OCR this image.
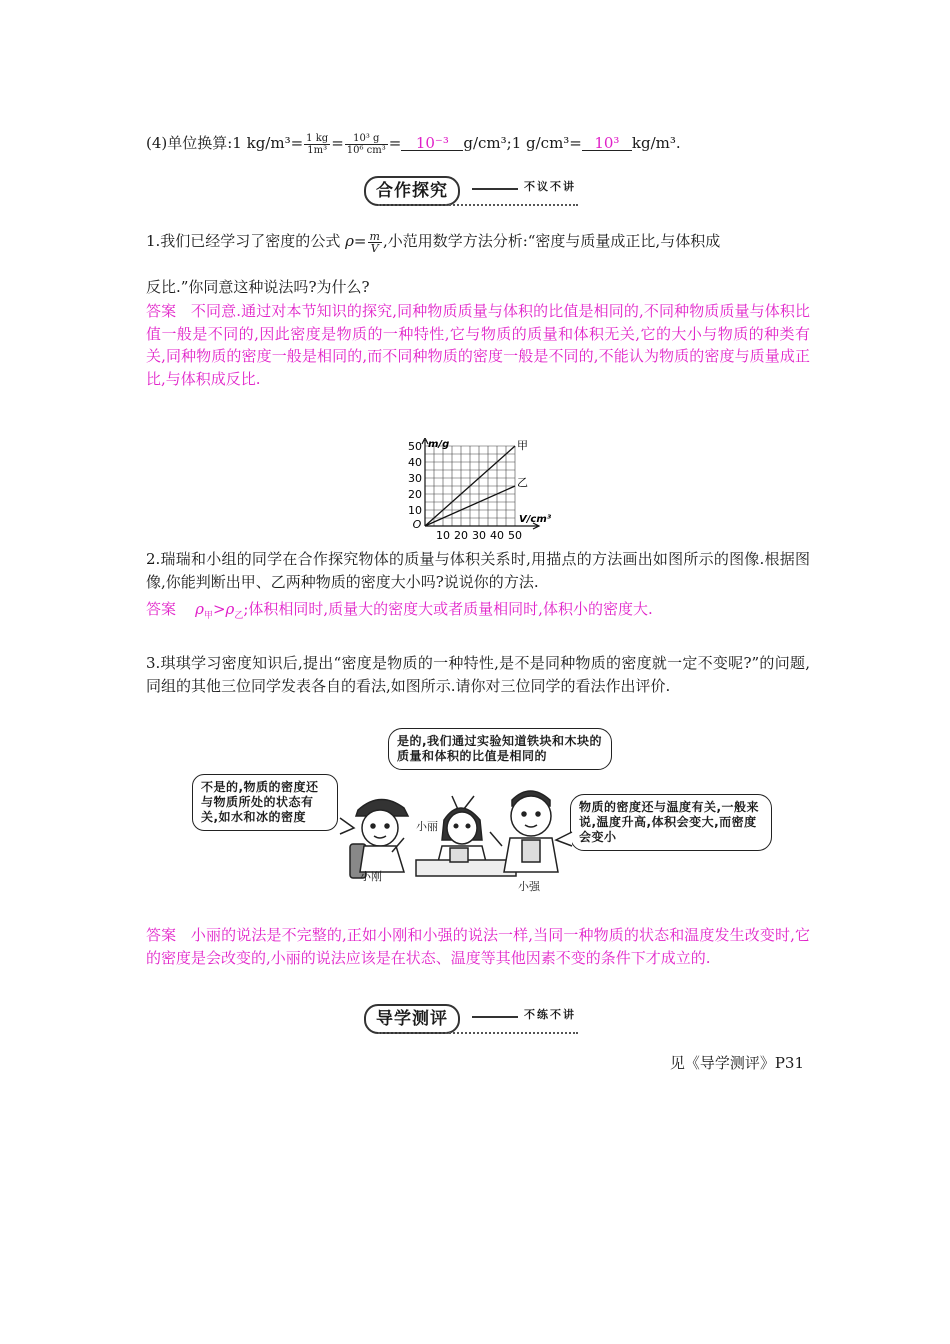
(4)单位换算:1 $kg/m^3= \frac{1 kg}{\text{1m³}} = \frac{\text{10³ g}}{\text{10⁶ cm³}} = 10^{-3}$ g/cm³;1 g/cm³= 10³ kg/m³.
合作探究	不议不讲
1.我们已经学习了密度的公式 $\rho= \frac{m}{V}$ ,小范用数学方法分析:“密度与质量成正比,与体积成
反比.”你同意这种说法吗?为什么?
答案 不同意.通过对本节知识的探究,同种物质质量与体积的比值是相同的,不同种物质质量与体积比值一般是不同的,因此密度是物质的一种特性,它与物质的质量和体积无关,它的大小与物质的种类有关,同种物质的密度一般是相同的,而不同种物质的密度一般是不同的,不能认为物质的密度与质量成正比,与体积成反比.
10
20
30
40
50
10 20 30 40 50
O
m/g
V/cm³
甲
乙
2.瑞瑞和小组的同学在合作探究物体的质量与体积关系时,用描点的方法画出如图所示的图像.根据图像,你能判断出甲、乙两种物质的密度大小吗?说说你的方法.
答案 $\rho_甲>\rho_乙$;体积相同时,质量大的密度大或者质量相同时,体积小的密度大.
3.琪琪学习密度知识后,提出“密度是物质的一种特性,是不是同种物质的密度就一定不变呢?”的问题,同组的其他三位同学发表各自的看法,如图所示.请你对三位同学的看法作出评价.
是的,我们通过实验知道铁块和木块的质量和体积的比值是相同的
不是的,物质的密度还与物质所处的状态有关,如水和冰的密度
物质的密度还与温度有关,一般来说,温度升高,体积会变大,而密度会变小
小刚
小丽
小强
答案 小丽的说法是不完整的,正如小刚和小强的说法一样,当同一种物质的状态和温度发生改变时,它的密度是会改变的,小丽的说法应该是在状态、温度等其他因素不变的条件下才成立的.
导学测评	不练不讲
见《导学测评》P31
